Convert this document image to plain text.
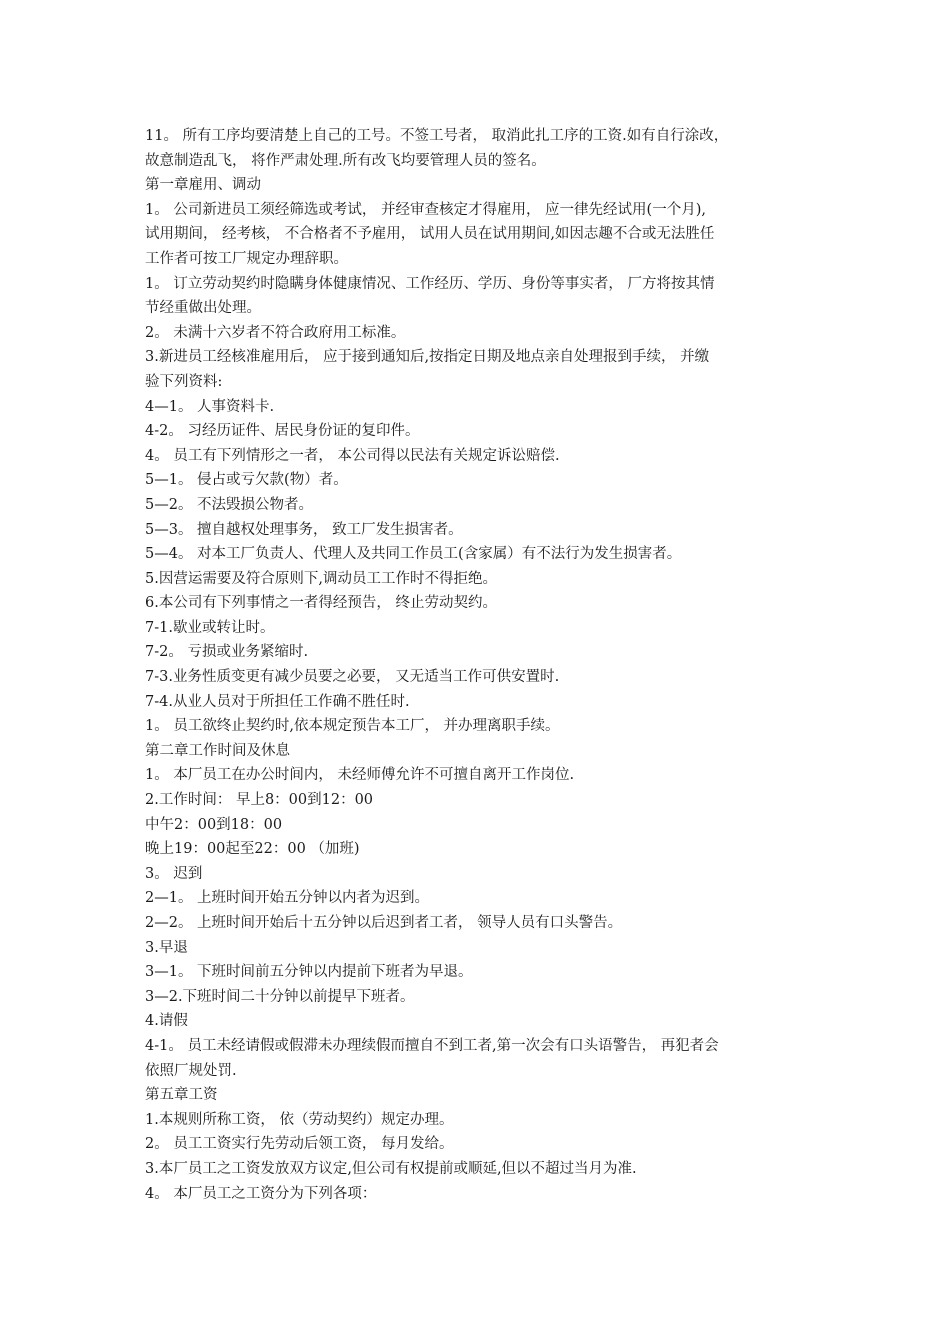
11。 所有工序均要清楚上自己的工号。不签工号者， 取消此扎工序的工资.如有自行涂改，

故意制造乱飞， 将作严肃处理.所有改飞均要管理人员的签名。

第一章雇用、调动

1。 公司新进员工须经筛选或考试， 并经审查核定才得雇用， 应一律先经试用(一个月),

试用期间， 经考核， 不合格者不予雇用， 试用人员在试用期间,如因志趣不合或无法胜任

工作者可按工厂规定办理辞职。

1。 订立劳动契约时隐瞒身体健康情况、工作经历、学历、身份等事实者， 厂方将按其情

节经重做出处理。

2。 未满十六岁者不符合政府用工标准。

3.新进员工经核准雇用后， 应于接到通知后,按指定日期及地点亲自处理报到手续， 并缴

验下列资料:

4—1。 人事资料卡.

4-2。 习经历证件、居民身份证的复印件。

4。 员工有下列情形之一者， 本公司得以民法有关规定诉讼赔偿.

5—1。 侵占或亏欠款(物）者。

5—2。 不法毁损公物者。

5—3。 擅自越权处理事务， 致工厂发生损害者。

5—4。 对本工厂负责人、代理人及共同工作员工(含家属）有不法行为发生损害者。

5.因营运需要及符合原则下,调动员工工作时不得拒绝。

6.本公司有下列事情之一者得经预告， 终止劳动契约。

7-1.歇业或转让时。

7-2。 亏损或业务紧缩时.

7-3.业务性质变更有减少员要之必要， 又无适当工作可供安置时.

7-4.从业人员对于所担任工作确不胜任时.

1。 员工欲终止契约时,依本规定预告本工厂， 并办理离职手续。

第二章工作时间及休息

1。 本厂员工在办公时间内， 未经师傅允许不可擅自离开工作岗位.

2.工作时间： 早上8：00到12：00

中午2：00到18：00

晚上19：00起至22：00 （加班)

3。 迟到

2—1。 上班时间开始五分钟以内者为迟到。

2—2。 上班时间开始后十五分钟以后迟到者工者， 领导人员有口头警告。

3.早退

3—1。 下班时间前五分钟以内提前下班者为早退。

3—2.下班时间二十分钟以前提早下班者。

4.请假

4-1。 员工未经请假或假滞未办理续假而擅自不到工者,第一次会有口头语警告， 再犯者会

依照厂规处罚.

第五章工资

1.本规则所称工资， 依（劳动契约）规定办理。

2。 员工工资实行先劳动后领工资， 每月发给。

3.本厂员工之工资发放双方议定,但公司有权提前或顺延,但以不超过当月为准.

4。 本厂员工之工资分为下列各项：
